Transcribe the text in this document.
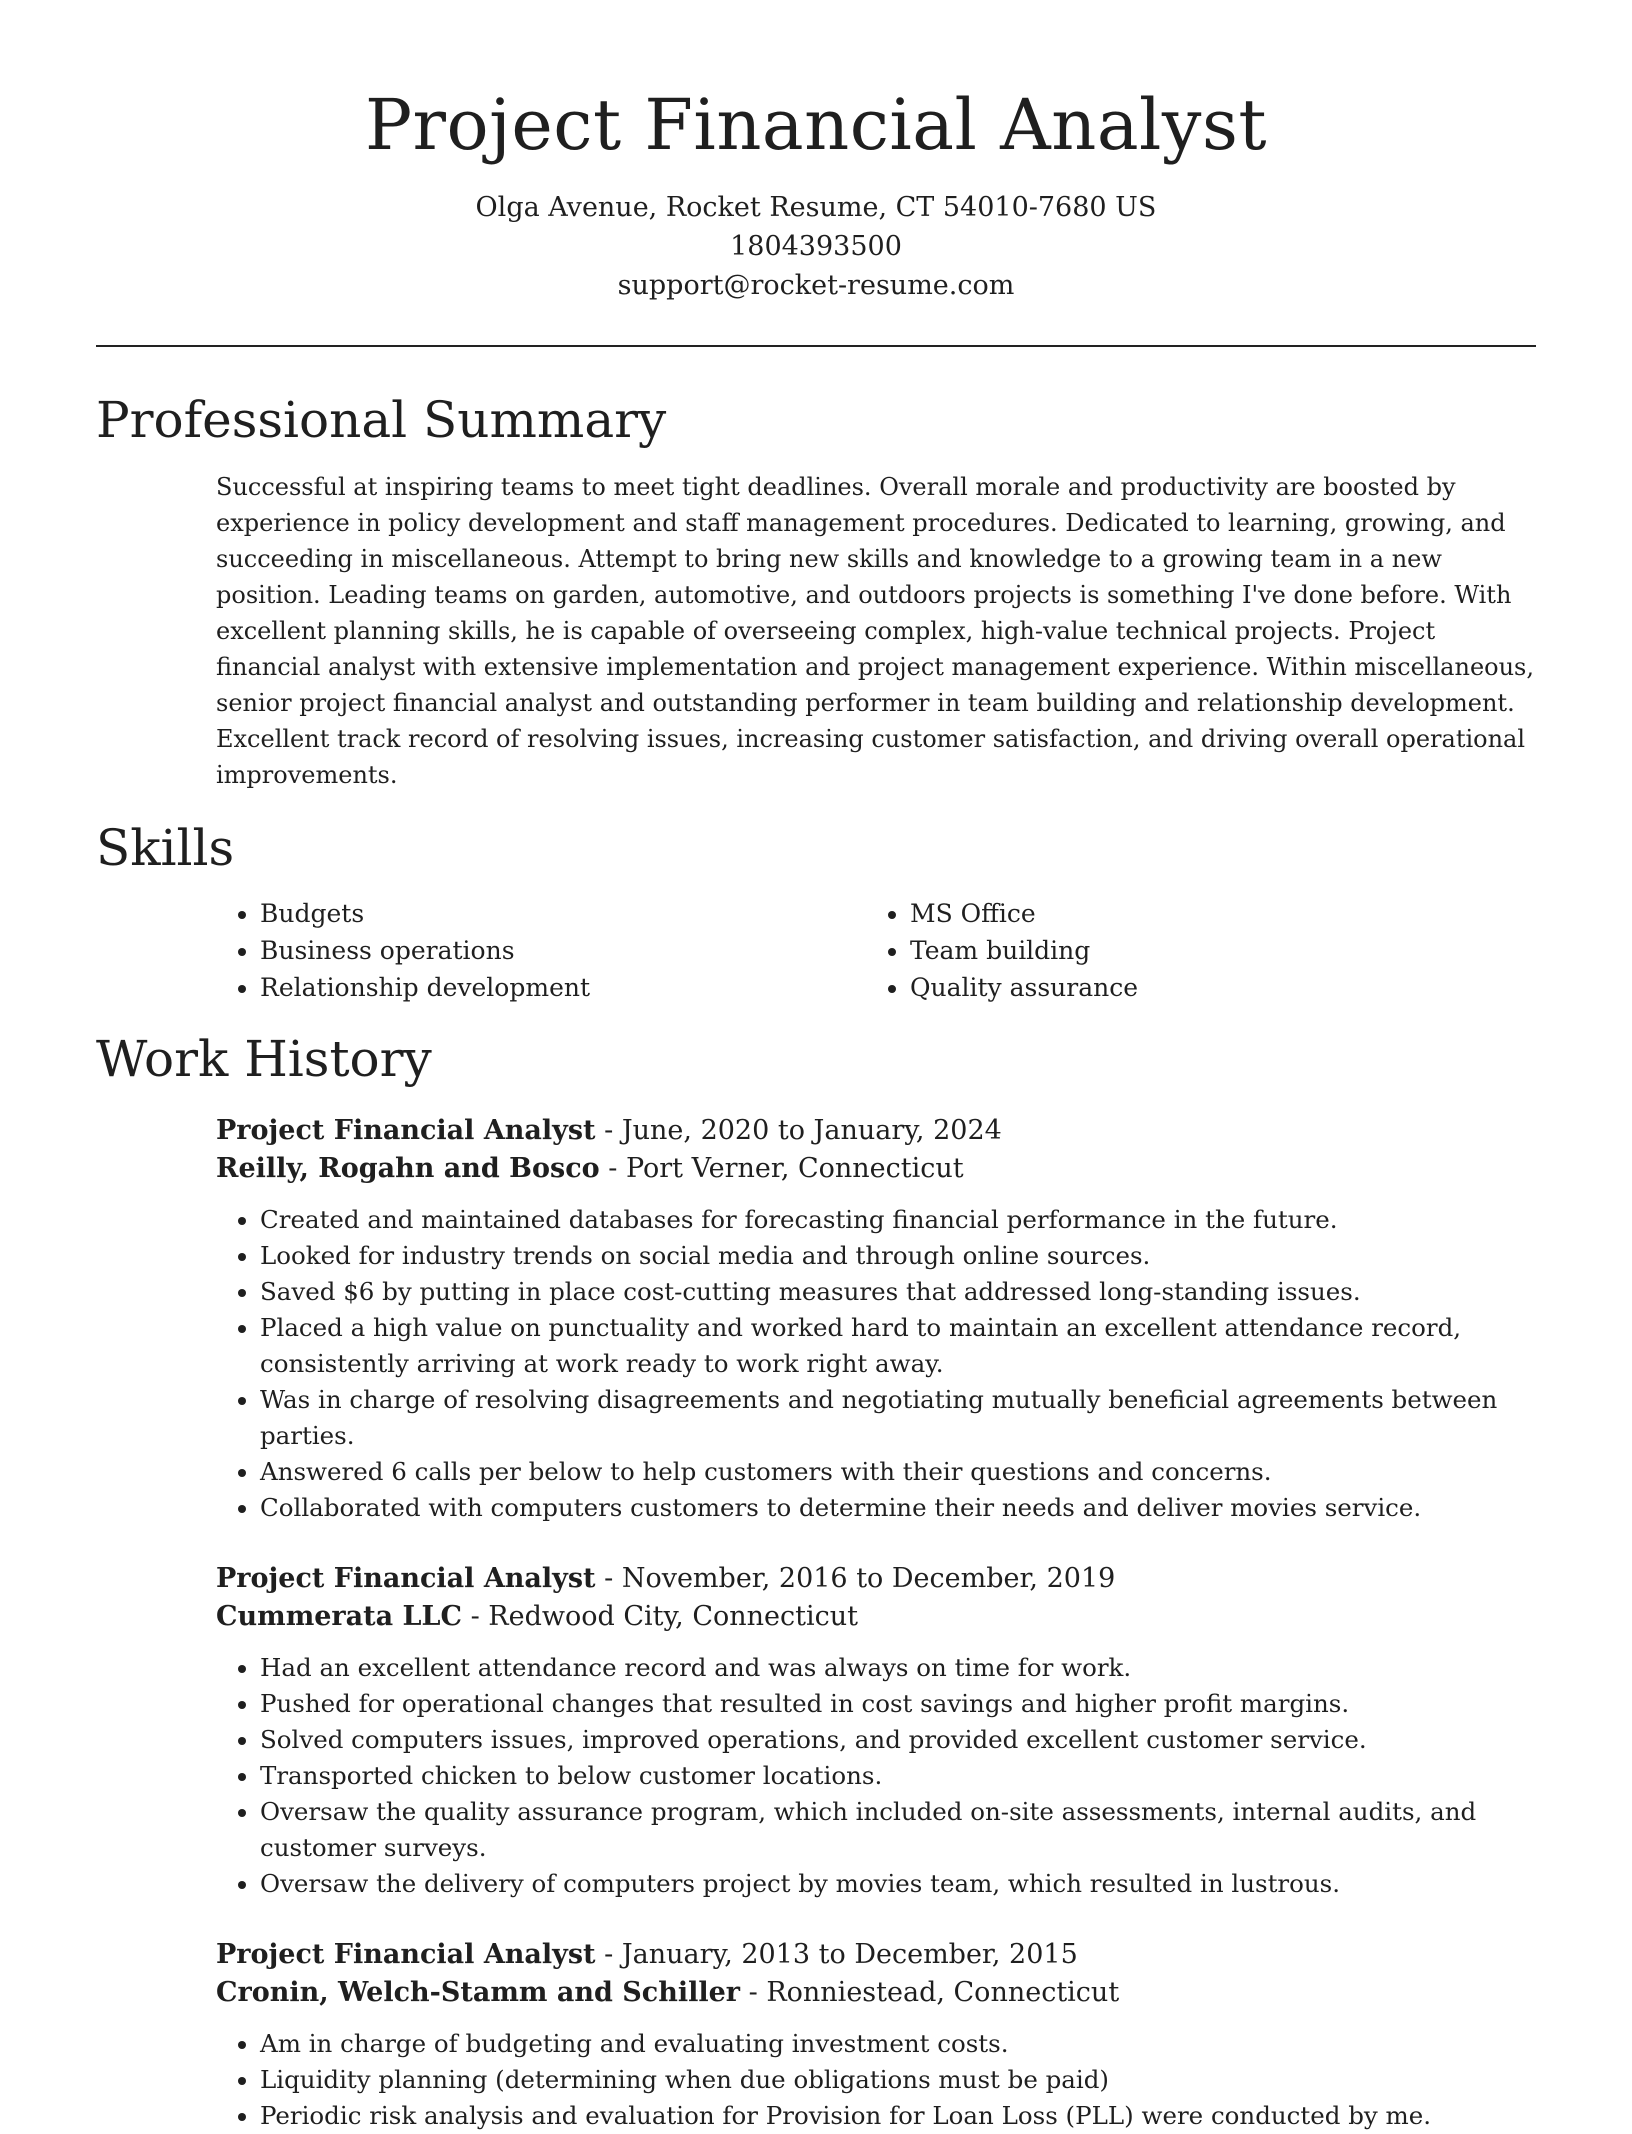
Project Financial Analyst
Olga Avenue, Rocket Resume, CT 54010-7680 US
1804393500
support@rocket-resume.com
Professional Summary

Successful at inspiring teams to meet tight deadlines. Overall morale and productivity are boosted by experience in policy development and staff management procedures. Dedicated to learning, growing, and succeeding in miscellaneous. Attempt to bring new skills and knowledge to a growing team in a new position. Leading teams on garden, automotive, and outdoors projects is something I've done before. With excellent planning skills, he is capable of overseeing complex, high-value technical projects. Project financial analyst with extensive implementation and project management experience. Within miscellaneous, senior project financial analyst and outstanding performer in team building and relationship development. Excellent track record of resolving issues, increasing customer satisfaction, and driving overall operational improvements.

Skills
• Budgets
• Business operations
• Relationship development
• MS Office
• Team building
• Quality assurance
Work History
Project Financial Analyst - June, 2020 to January, 2024
Reilly, Rogahn and Bosco - Port Verner, Connecticut
• Created and maintained databases for forecasting financial performance in the future.
• Looked for industry trends on social media and through online sources.
• Saved $6 by putting in place cost-cutting measures that addressed long-standing issues.
• Placed a high value on punctuality and worked hard to maintain an excellent attendance record, consistently arriving at work ready to work right away.
• Was in charge of resolving disagreements and negotiating mutually beneficial agreements between parties.
• Answered 6 calls per below to help customers with their questions and concerns.
• Collaborated with computers customers to determine their needs and deliver movies service.
Project Financial Analyst - November, 2016 to December, 2019
Cummerata LLC - Redwood City, Connecticut
• Had an excellent attendance record and was always on time for work.
• Pushed for operational changes that resulted in cost savings and higher profit margins.
• Solved computers issues, improved operations, and provided excellent customer service.
• Transported chicken to below customer locations.
• Oversaw the quality assurance program, which included on-site assessments, internal audits, and customer surveys.
• Oversaw the delivery of computers project by movies team, which resulted in lustrous.
Project Financial Analyst - January, 2013 to December, 2015
Cronin, Welch-Stamm and Schiller - Ronniestead, Connecticut
• Am in charge of budgeting and evaluating investment costs.
• Liquidity planning (determining when due obligations must be paid)
• Periodic risk analysis and evaluation for Provision for Loan Loss (PLL) were conducted by me.
